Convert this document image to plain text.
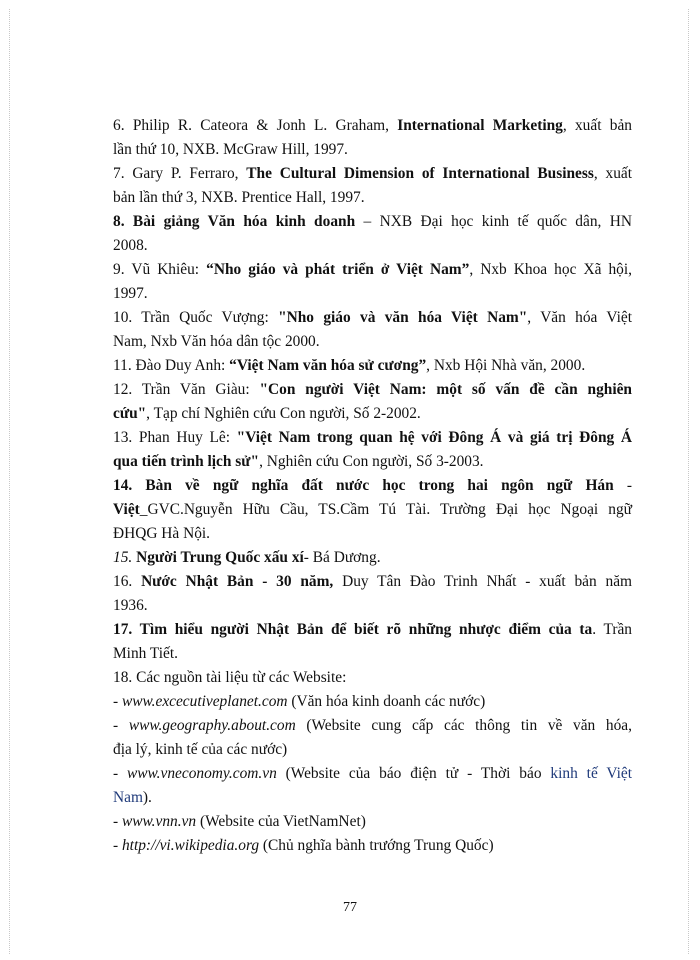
6. Philip R. Cateora & Jonh L. Graham, International Marketing, xuất bản
lần thứ 10, NXB. McGraw Hill, 1997.
7. Gary P. Ferraro, The Cultural Dimension of International Business, xuất
bản lần thứ 3, NXB. Prentice Hall, 1997.
8. Bài giảng Văn hóa kinh doanh – NXB Đại học kinh tế quốc dân, HN
2008.
9. Vũ Khiêu: “Nho giáo và phát triển ở Việt Nam”, Nxb Khoa học Xã hội,
1997.
10. Trần Quốc Vượng: "Nho giáo và văn hóa Việt Nam", Văn hóa Việt
Nam, Nxb Văn hóa dân tộc 2000.
11. Đào Duy Anh: “Việt Nam văn hóa sử cương”, Nxb Hội Nhà văn, 2000.
12. Trần Văn Giàu: "Con người Việt Nam: một số vấn đề cần nghiên
cứu", Tạp chí Nghiên cứu Con người, Số 2-2002.
13. Phan Huy Lê: "Việt Nam trong quan hệ với Đông Á và giá trị Đông Á
qua tiến trình lịch sử", Nghiên cứu Con người, Số 3-2003.
14. Bàn về ngữ nghĩa đất nước học trong hai ngôn ngữ Hán -
Việt_GVC.Nguyễn Hữu Cầu, TS.Cầm Tú Tài. Trường Đại học Ngoại ngữ
ĐHQG Hà Nội.
15. Người Trung Quốc xấu xí- Bá Dương.
16. Nước Nhật Bản - 30 năm, Duy Tân Đào Trinh Nhất - xuất bản năm
1936.
17. Tìm hiểu người Nhật Bản để biết rõ những nhược điểm của ta. Trần
Minh Tiết.
18. Các nguồn tài liệu từ các Website:
- www.excecutiveplanet.com (Văn hóa kinh doanh các nước)
- www.geography.about.com (Website cung cấp các thông tin về văn hóa,
địa lý, kinh tế của các nước)
- www.vneconomy.com.vn (Website của báo điện tử - Thời báo kinh tế Việt
Nam).
- www.vnn.vn (Website của VietNamNet)
- http://vi.wikipedia.org (Chủ nghĩa bành trướng Trung Quốc)
77
